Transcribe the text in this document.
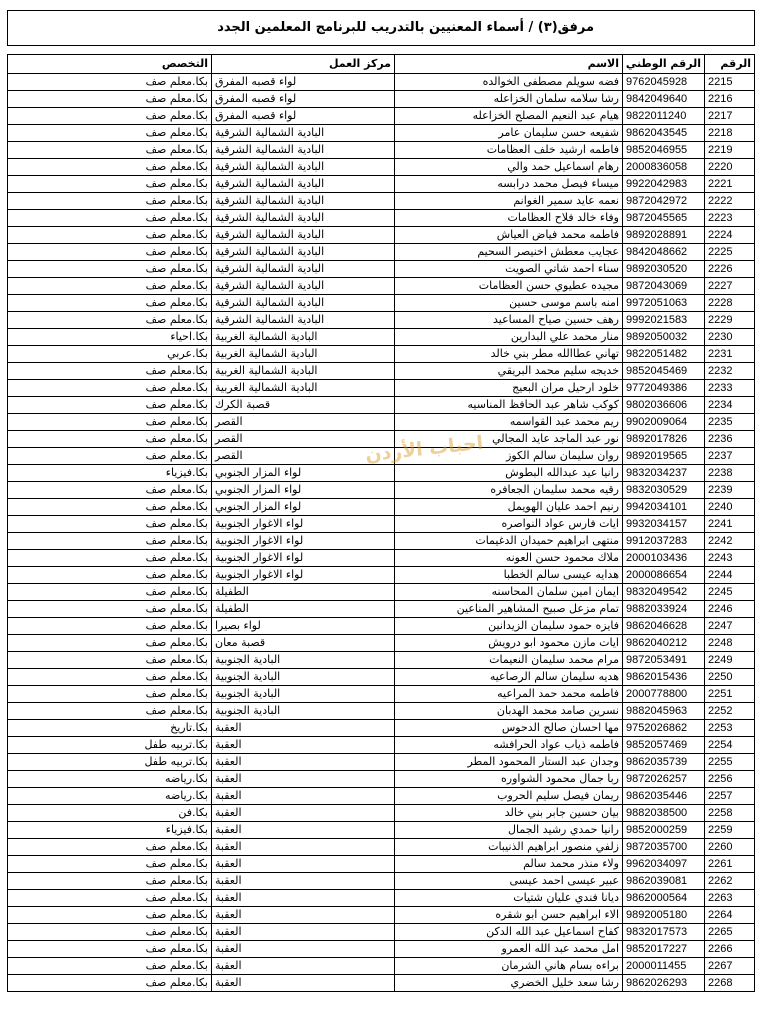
مرفق(٣) / أسماء المعنيين بالتدريب للبرنامج المعلمين الجدد				

الرقم	الرقم الوطني	الاسم	مركز العمل	التخصص
2215	9762045928	فضه سويلم مصطفى الخوالده	لواء قصبه المفرق	بكا.معلم صف
2216	9842049640	رشا سلامه سلمان الخزاعله	لواء قصبه المفرق	بكا.معلم صف
2217	9822011240	هيام عبد النعيم المصلح الخزاعله	لواء قصبه المفرق	بكا.معلم صف
2218	9862043545	شفيعه حسن سليمان عامر	البادية الشمالية الشرقية	بكا.معلم صف
2219	9852046955	فاطمه ارشيد خلف العظامات	البادية الشمالية الشرقية	بكا.معلم صف
2220	2000836058	رهام اسماعيل حمد والي	البادية الشمالية الشرقية	بكا.معلم صف
2221	9922042983	ميساء فيصل محمد درابسه	البادية الشمالية الشرقية	بكا.معلم صف
2222	9872042972	نعمه عايد سمير الغوانم	البادية الشمالية الشرقية	بكا.معلم صف
2223	9872045565	وفاء خالد فلاح العظامات	البادية الشمالية الشرقية	بكا.معلم صف
2224	9892028891	فاطمه محمد فياض العياش	البادية الشمالية الشرقية	بكا.معلم صف
2225	9842048662	عجايب معطش اخنيصر السحيم	البادية الشمالية الشرقية	بكا.معلم صف
2226	9892030520	سناء احمد شاتي الصويت	البادية الشمالية الشرقية	بكا.معلم صف
2227	9872043069	مجيده عطيوي حسن العظامات	البادية الشمالية الشرقية	بكا.معلم صف
2228	9972051063	امنه باسم موسى حسين	البادية الشمالية الشرقية	بكا.معلم صف
2229	9992021583	رهف حسين صياح المساعيد	البادية الشمالية الشرقية	بكا.معلم صف
2230	9892050032	منار محمد علي البدارين	البادية الشمالية الغربية	بكا.احياء
2231	9822051482	تهاني عطاالله مطر بني خالد	البادية الشمالية الغربية	بكا.عربي
2232	9852045469	خديجه سليم محمد البريقي	البادية الشمالية الغربية	بكا.معلم صف
2233	9772049386	خلود ارحيل مران البعيج	البادية الشمالية الغربية	بكا.معلم صف
2234	9802036606	كوكب شاهر عبد الحافظ المناسيه	قصبة الكرك	بكا.معلم صف
2235	9902009064	ريم محمد عبد القواسمه	القصر	بكا.معلم صف
2236	9892017826	نور عبد الماجد عايد المجالي	القصر	بكا.معلم صف
2237	9892019565	روان سليمان سالم الكوز	القصر	بكا.معلم صف
2238	9832034237	رانيا عيد عبدالله البطوش	لواء المزار الجنوبي	بكا.فيزياء
2239	9832030529	رقيه محمد سليمان الجعافره	لواء المزار الجنوبي	بكا.معلم صف
2240	9942034101	رنيم احمد عليان الهويمل	لواء المزار الجنوبي	بكا.معلم صف
2241	9932034157	ايات فارس عواد النواصره	لواء الاغوار الجنوبية	بكا.معلم صف
2242	9912037283	منتهى ابراهيم حميدان الدغيمات	لواء الاغوار الجنوبية	بكا.معلم صف
2243	2000103436	ملاك محمود حسن العونه	لواء الاغوار الجنوبية	بكا.معلم صف
2244	2000086654	هدايه عيسى سالم الخطبا	لواء الاغوار الجنوبية	بكا.معلم صف
2245	9832049542	ايمان امين سلمان المحاسنه	الطفيلة	بكا.معلم صف
2246	9882033924	تمام مزعل صبيح المشاهير المناعين	الطفيلة	بكا.معلم صف
2247	9862046628	فايزه حمود سليمان الزيدانين	لواء بصيرا	بكا.معلم صف
2248	9862040212	ايات مازن محمود ابو درويش	قصبة معان	بكا.معلم صف
2249	9872053491	مرام محمد سليمان النعيمات	البادية الجنوبية	بكا.معلم صف
2250	9862015436	هديه سليمان سالم الرصاعيه	البادية الجنوبية	بكا.معلم صف
2251	2000778800	فاطمه محمد حمد المراعيه	البادية الجنوبية	بكا.معلم صف
2252	9882045963	نسرين صامد محمد الهدبان	البادية الجنوبية	بكا.معلم صف
2253	9752026862	مها احسان صالح الدحوس	العقبة	بكا.تاريخ
2254	9852057469	فاطمه ذياب عواد الحرافشه	العقبة	بكا.تربيه طفل
2255	9862035739	وجدان عبد الستار المحمود المطر	العقبة	بكا.تربيه طفل
2256	9872026257	ربا جمال محمود الشواوره	العقبة	بكا.رياضه
2257	9862035446	ريمان فيصل سليم الحروب	العقبة	بكا.رياضه
2258	9882038500	بيان حسين جابر بني خالد	العقبة	بكا.فن
2259	9852000259	رانيا حمدي رشيد الجمال	العقبة	بكا.فيزياء
2260	9872035700	زلفي منصور ابراهيم الذنيبات	العقبة	بكا.معلم صف
2261	9962034097	ولاء منذر محمد سالم	العقبة	بكا.معلم صف
2262	9862039081	عبير عيسى احمد عيسى	العقبة	بكا.معلم صف
2263	9862000564	ديانا فندي عليان شتيات	العقبة	بكا.معلم صف
2264	9892005180	الاء ابراهيم حسن ابو شقره	العقبة	بكا.معلم صف
2265	9832017573	كفاح اسماعيل عبد الله الدكن	العقبة	بكا.معلم صف
2266	9852017227	امل محمد عبد الله العمرو	العقبة	بكا.معلم صف
2267	2000011455	براءه بسام هاني الشرمان	العقبة	بكا.معلم صف
2268	9862026293	رشا سعد خليل الخضري	العقبة	بكا.معلم صف
احباب الأردن
